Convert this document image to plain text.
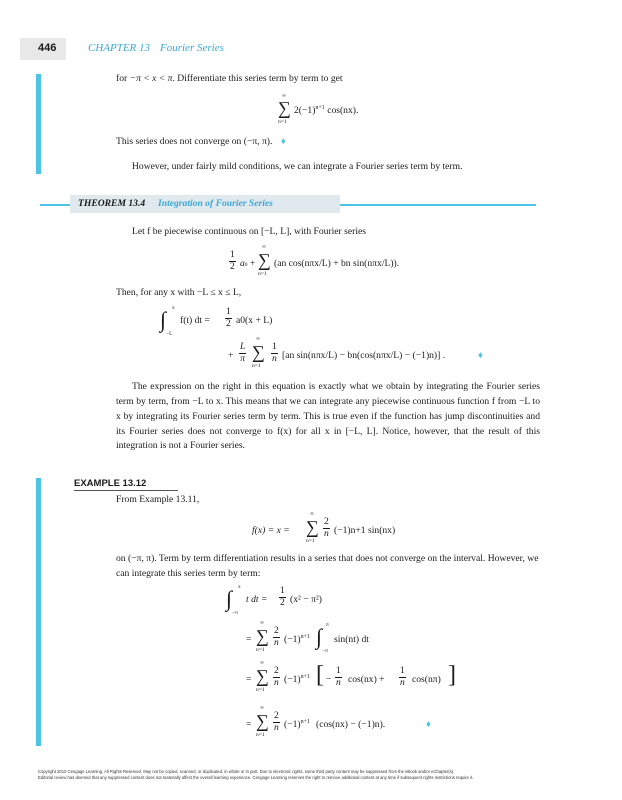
446	CHAPTER 13 Fourier Series
for −π < x < π. Differentiate this series term by term to get
∞
∑
n=1
$2(-1)^{n+1}$ cos(nx).
This series does not converge on (−π, π). ♦
However, under fairly mild conditions, we can integrate a Fourier series term by term.
THEOREM 13.4 Integration of Fourier Series
Let f be piecewise continuous on [−L, L], with Fourier series
$\frac{1}{2} a0$ +
∞
∑
n=1
(an cos(nπx/L) + bn sin(nπx/L)).
Then, for any x with −L ≤ x ≤ L,
x
∫
−L
f(t) dt = $\frac{1}{2} a0(x + L)$
+ $\frac{L}{\pi}$
∞
∑
n=1
$\frac{1}{n} [an$ sin(nπx/L) − bn(cos(nπx/L) − (−1)n)] .	♦
The expression on the right in this equation is exactly what we obtain by integrating the Fourier series term by term, from −L to x. This means that we can integrate any piecewise continuous function f from −L to x by integrating its Fourier series term by term. This is true even if the function has jump discontinuities and its Fourier series does not converge to f(x) for all x in [−L, L]. Notice, however, that the result of this integration is not a Fourier series.
EXAMPLE 13.12
From Example 13.11,
f(x) = x =
∞
∑
n=1
$\frac{2}{n} (-1)n+1$ sin(nx)
on (−π, π). Term by term differentiation results in a series that does not converge on the interval. However, we can integrate this series term by term:
x
∫
−π
t dt = $\frac{1}{2} (x^2 - \pi^2)$
=
∞
∑
n=1
$\frac{2}{n} (-1)^{n+1}$
π
∫
−π
sin(nt) dt
=
∞
∑
n=1
$\frac{2}{n} (-1)^{n+1}$ [ − $\frac{1}{n} \cos(nx) + \frac{1}{n} \cos(n\pi)$ ]
=
∞
∑
n=1
$\frac{2}{n} (-1)^{n+1}$ (cos(nx) − (−1)n).	♦
Copyright 2010 Cengage Learning. All Rights Reserved. May not be copied, scanned, or duplicated, in whole or in part. Due to electronic rights, some third party content may be suppressed from the eBook and/or eChapter(s).
Editorial review has deemed that any suppressed content does not materially affect the overall learning experience. Cengage Learning reserves the right to remove additional content at any time if subsequent rights restrictions require it.
